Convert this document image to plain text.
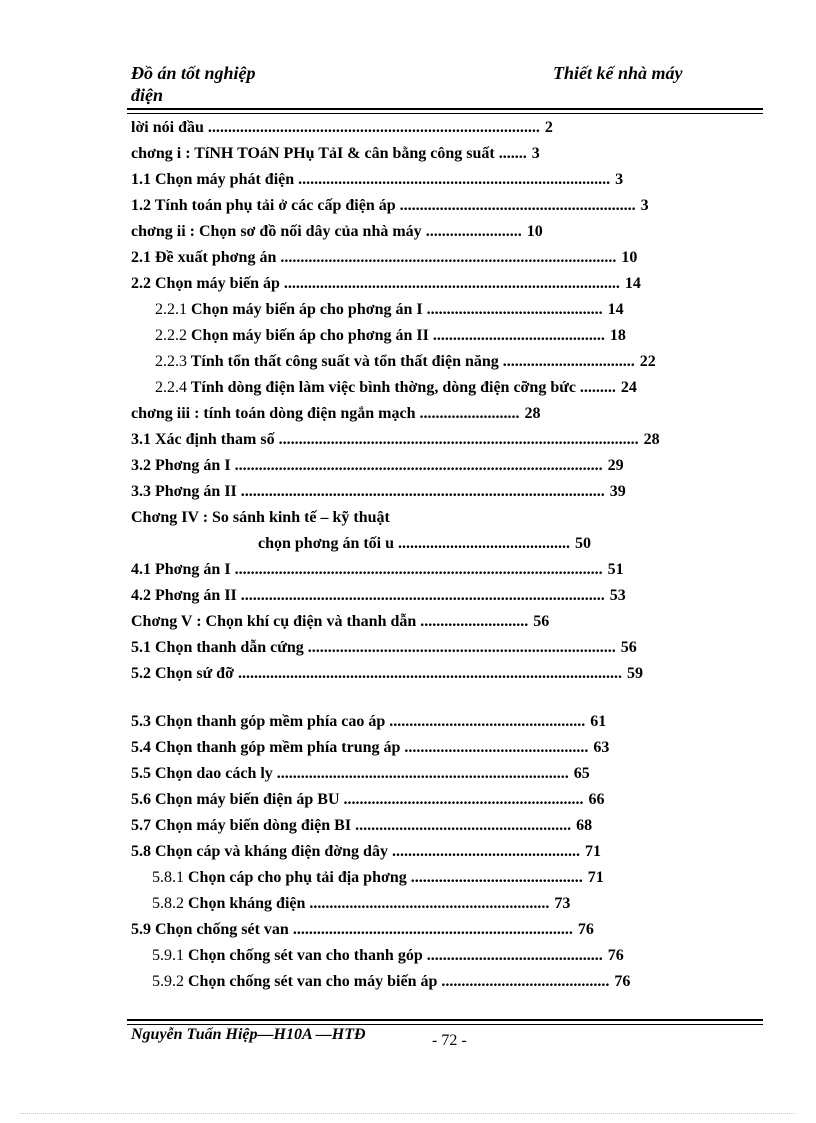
Đồ án tốt nghiệp
điện
Thiết kế nhà máy
lời nói đầu ................................................................................... 2
chơng i : TíNH TOáN PHụ TảI & cân bằng công suất ....... 3
1.1 Chọn máy phát điện .............................................................................. 3
1.2 Tính toán phụ tải ở các cấp điện áp ........................................................... 3
chơng ii : Chọn sơ đồ nối dây của nhà máy ........................ 10
2.1 Đề xuất phơng án .................................................................................... 10
2.2 Chọn máy biến áp .................................................................................... 14
2.2.1 Chọn máy biến áp cho phơng án I ............................................ 14
2.2.2 Chọn máy biến áp cho phơng án II ........................................... 18
2.2.3 Tính tổn thất công suất và tổn thất điện năng ................................. 22
2.2.4 Tính dòng điện làm việc bình thờng, dòng điện cỡng bức ......... 24
chơng iii : tính toán dòng điện ngắn mạch ......................... 28
3.1 Xác định tham số .......................................................................................... 28
3.2 Phơng án I ............................................................................................ 29
3.3 Phơng án II ........................................................................................... 39
Chơng IV : So sánh kinh tế – kỹ thuật
chọn phơng án tối u ........................................... 50
4.1 Phơng án I ............................................................................................ 51
4.2 Phơng án II ........................................................................................... 53
Chơng V : Chọn khí cụ điện và thanh dẫn ........................... 56
5.1 Chọn thanh dẫn cứng ............................................................................. 56
5.2 Chọn sứ đỡ ................................................................................................ 59
5.3 Chọn thanh góp mềm phía cao áp ................................................. 61
5.4 Chọn thanh góp mềm phía trung áp .............................................. 63
5.5 Chọn dao cách ly ......................................................................... 65
5.6 Chọn máy biến điện áp BU ............................................................ 66
5.7 Chọn máy biến dòng điện BI ...................................................... 68
5.8 Chọn cáp và kháng điện đờng dây ............................................... 71
5.8.1 Chọn cáp cho phụ tải địa phơng ........................................... 71
5.8.2 Chọn kháng điện ............................................................ 73
5.9 Chọn chống sét van ...................................................................... 76
5.9.1 Chọn chống sét van cho thanh góp ............................................ 76
5.9.2 Chọn chống sét van cho máy biến áp .......................................... 76
Nguyễn Tuấn Hiệp—H10A —HTĐ	- 72 -
